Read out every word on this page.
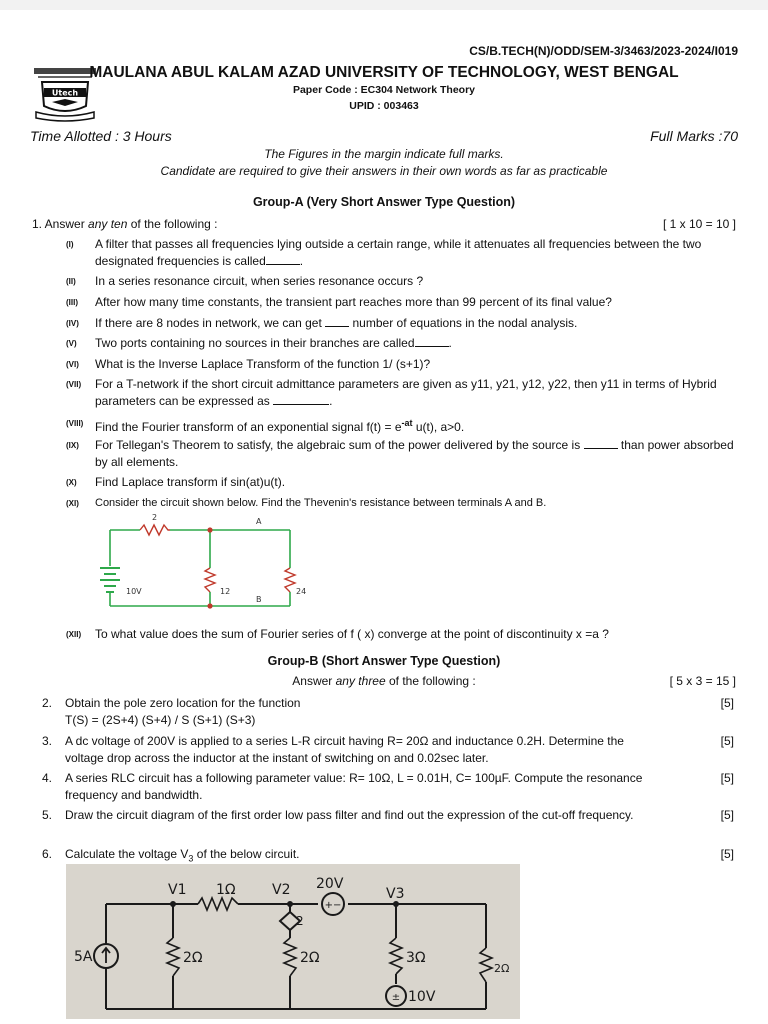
CS/B.TECH(N)/ODD/SEM-3/3463/2023-2024/I019
Utech
MAULANA ABUL KALAM AZAD UNIVERSITY OF TECHNOLOGY, WEST BENGAL
Paper Code : EC304 Network Theory
UPID : 003463
Time Allotted : 3 Hours	Full Marks :70
The Figures in the margin indicate full marks.
Candidate are required to give their answers in their own words as far as practicable
Group-A (Very Short Answer Type Question)
1. Answer any ten of the following :	[ 1 x 10 = 10 ]
(I) A filter that passes all frequencies lying outside a certain range, while it attenuates all frequencies between the two designated frequencies is called	.
(II) In a series resonance circuit, when series resonance occurs ?
(III) After how many time constants, the transient part reaches more than 99 percent of its final value?
(IV) If there are 8 nodes in network, we can get	number of equations in the nodal analysis.
(V) Two ports containing no sources in their branches are called	.
(VI) What is the Inverse Laplace Transform of the function 1/ (s+1)?
(VII) For a T-network if the short circuit admittance parameters are given as y11, y21, y12, y22, then y11 in terms of Hybrid parameters can be expressed as	.
(VIII) Find the Fourier transform of an exponential signal $f(t) = e^{-at}$ u(t), a>0.
(IX) For Tellegan's Theorem to satisfy, the algebraic sum of the power delivered by the source is	than power absorbed by all elements.
(X) Find Laplace transform if sin(at)u(t).
(XI) Consider the circuit shown below. Find the Thevenin's resistance between terminals A and B.
2	A
10V	12
B
24
(XII) To what value does the sum of Fourier series of f ( x) converge at the point of discontinuity x =a ?
Group-B (Short Answer Type Question)
Answer any three of the following :	[ 5 x 3 = 15 ]
2. Obtain the pole zero location for the function
T(S) = (2S+4) (S+4) / S (S+1) (S+3)
[5]
3. A dc voltage of 200V is applied to a series L-R circuit having R= 20Ω and inductance 0.2H. Determine the voltage drop across the inductor at the instant of switching on and 0.02sec later.
[5]
4. A series RLC circuit has a following parameter value: R= 10Ω, L = 0.01H, C= 100µF. Compute the resonance frequency and bandwidth.
[5]
5. Draw the circuit diagram of the first order low pass filter and find out the expression of the cut-off frequency.	[5]
6. Calculate the voltage $V_3$ of the below circuit.	[5]
+−
±
V1 1Ω	V2 20V
V3
5A
2
2Ω	2Ω	3Ω
2Ω
10V
